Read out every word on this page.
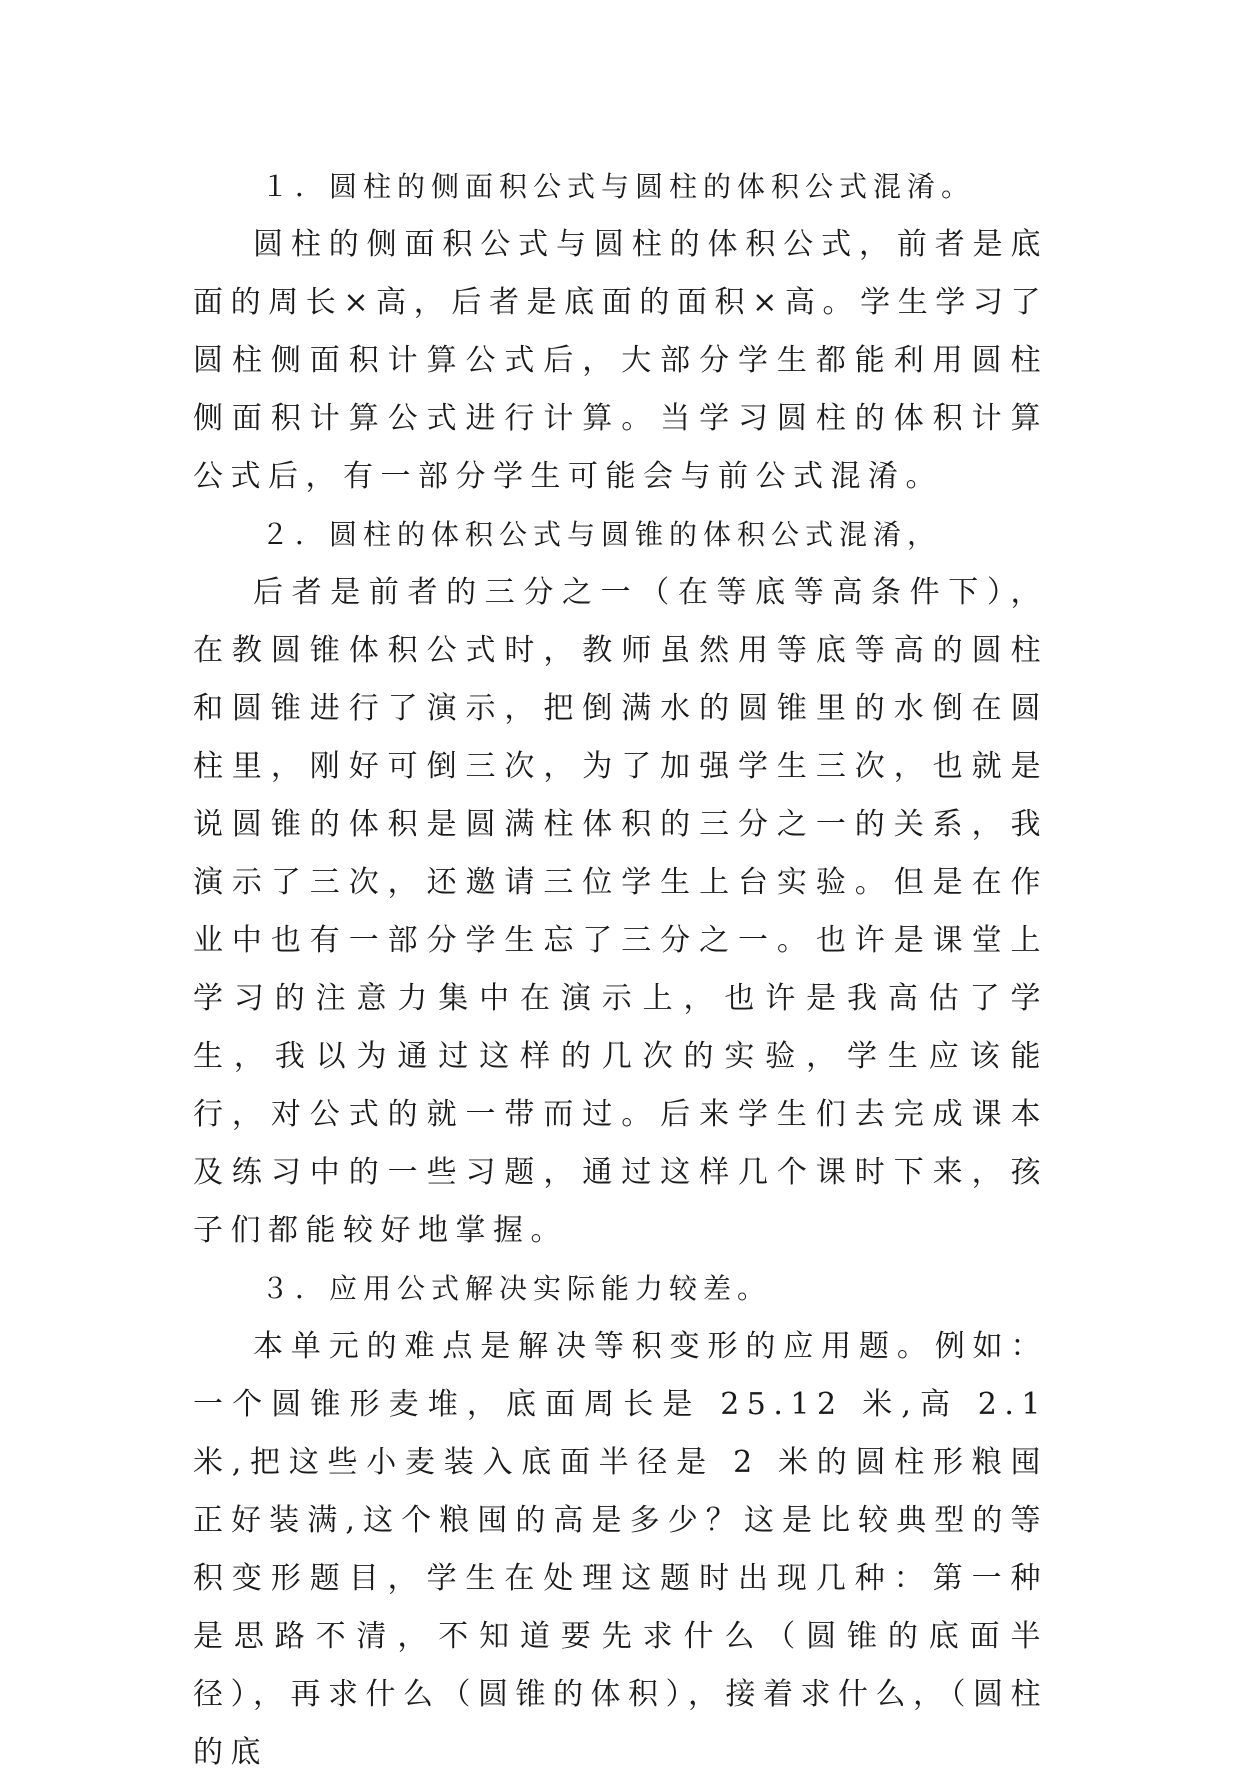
１．圆柱的侧面积公式与圆柱的体积公式混淆。

圆柱的侧面积公式与圆柱的体积公式，前者是底面的周长×高，后者是底面的面积×高。学生学习了圆柱侧面积计算公式后，大部分学生都能利用圆柱侧面积计算公式进行计算。当学习圆柱的体积计算公式后，有一部分学生可能会与前公式混淆。

２．圆柱的体积公式与圆锥的体积公式混淆，

后者是前者的三分之一（在等底等高条件下），在教圆锥体积公式时，教师虽然用等底等高的圆柱和圆锥进行了演示，把倒满水的圆锥里的水倒在圆柱里，刚好可倒三次，为了加强学生三次，也就是说圆锥的体积是圆满柱体积的三分之一的关系，我演示了三次，还邀请三位学生上台实验。但是在作业中也有一部分学生忘了三分之一。也许是课堂上学习的注意力集中在演示上，也许是我高估了学生，我以为通过这样的几次的实验，学生应该能行，对公式的就一带而过。后来学生们去完成课本及练习中的一些习题，通过这样几个课时下来，孩子们都能较好地掌握。

３．应用公式解决实际能力较差。

本单元的难点是解决等积变形的应用题。例如：一个圆锥形麦堆，底面周长是 25.12 米,高 2.1 米,把这些小麦装入底面半径是 2 米的圆柱形粮囤正好装满,这个粮囤的高是多少？这是比较典型的等积变形题目，学生在处理这题时出现几种：第一种是思路不清，不知道要先求什么（圆锥的底面半径），再求什么（圆锥的体积），接着求什么，（圆柱的底
